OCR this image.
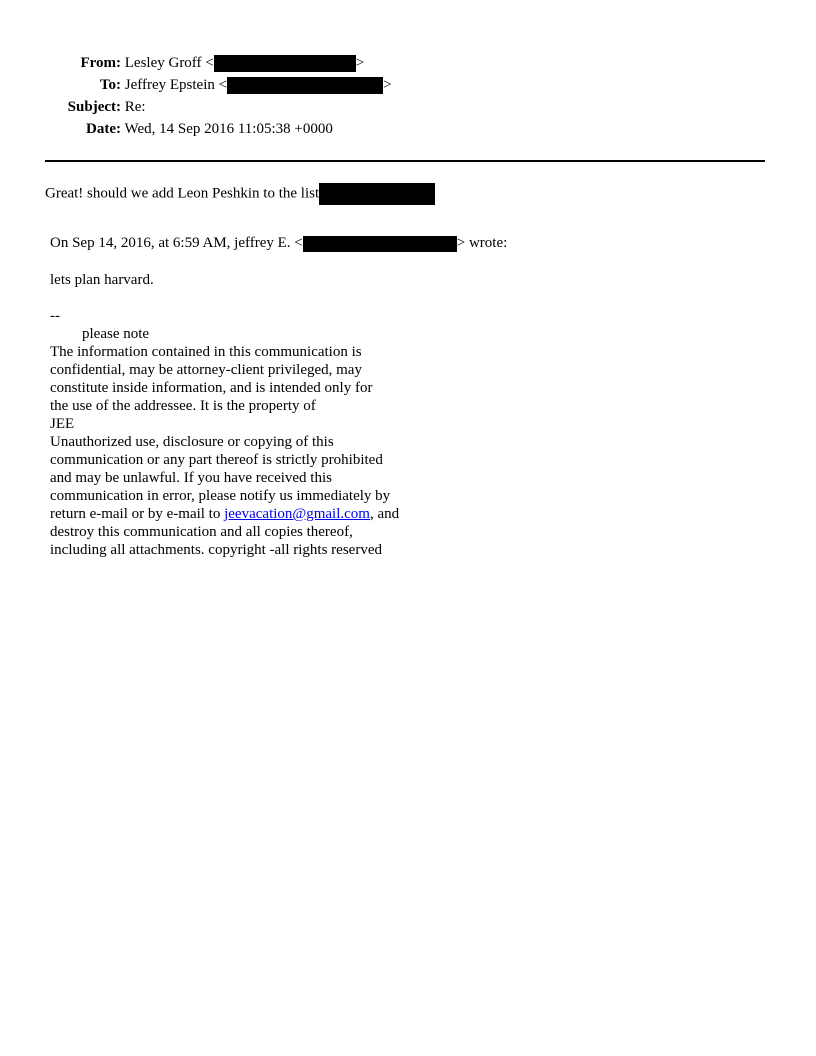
From: Lesley Groff <	>
To: Jeffrey Epstein <	>
Subject: Re:
Date: Wed, 14 Sep 2016 11:05:38 +0000
Great! should we add Leon Peshkin to the list
On Sep 14, 2016, at 6:59 AM, jeffrey E. <	> wrote:
lets plan harvard.
--
please note
The information contained in this communication is
confidential, may be attorney-client privileged, may
constitute inside information, and is intended only for
the use of the addressee. It is the property of
JEE
Unauthorized use, disclosure or copying of this
communication or any part thereof is strictly prohibited
and may be unlawful. If you have received this
communication in error, please notify us immediately by
return e-mail or by e-mail to jeevacation@gmail.com, and
destroy this communication and all copies thereof,
including all attachments. copyright -all rights reserved
